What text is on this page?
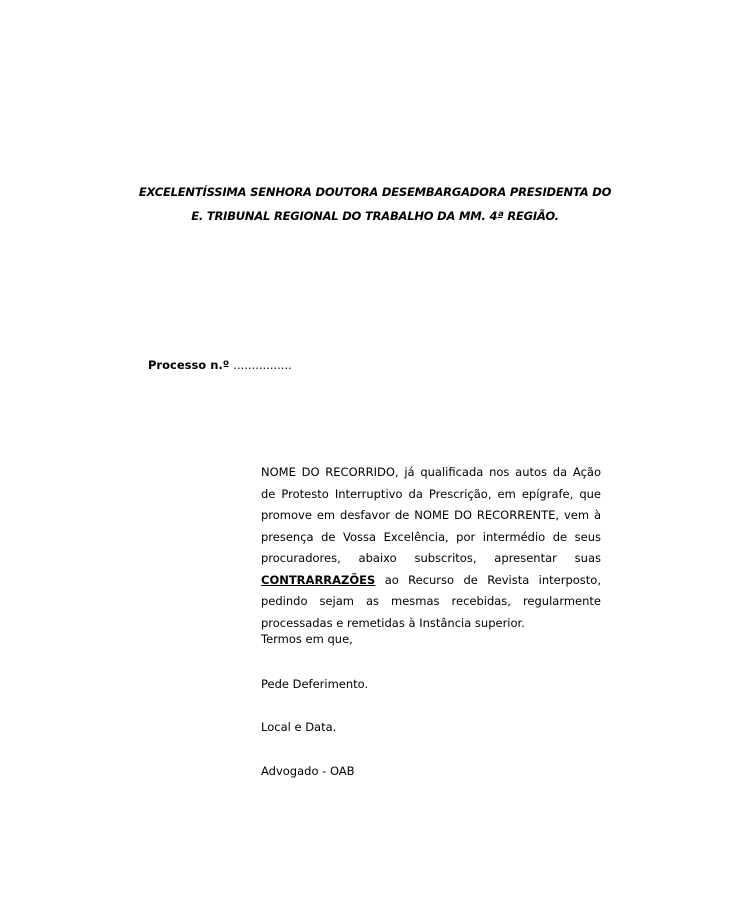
EXCELENTÍSSIMA SENHORA DOUTORA DESEMBARGADORA PRESIDENTA DO
E. TRIBUNAL REGIONAL DO TRABALHO DA MM. 4ª REGIÃO.
Processo n.º ................
NOME DO RECORRIDO, já qualificada nos autos da Ação de Protesto Interruptivo da Prescrição, em epígrafe, que promove em desfavor de NOME DO RECORRENTE, vem à presença de Vossa Excelência, por intermédio de seus procuradores, abaixo subscritos, apresentar suas CONTRARRAZÕES ao Recurso de Revista interposto, pedindo sejam as mesmas recebidas, regularmente processadas e remetidas à Instância superior.
Termos em que,
Pede Deferimento.
Local e Data.
Advogado - OAB
